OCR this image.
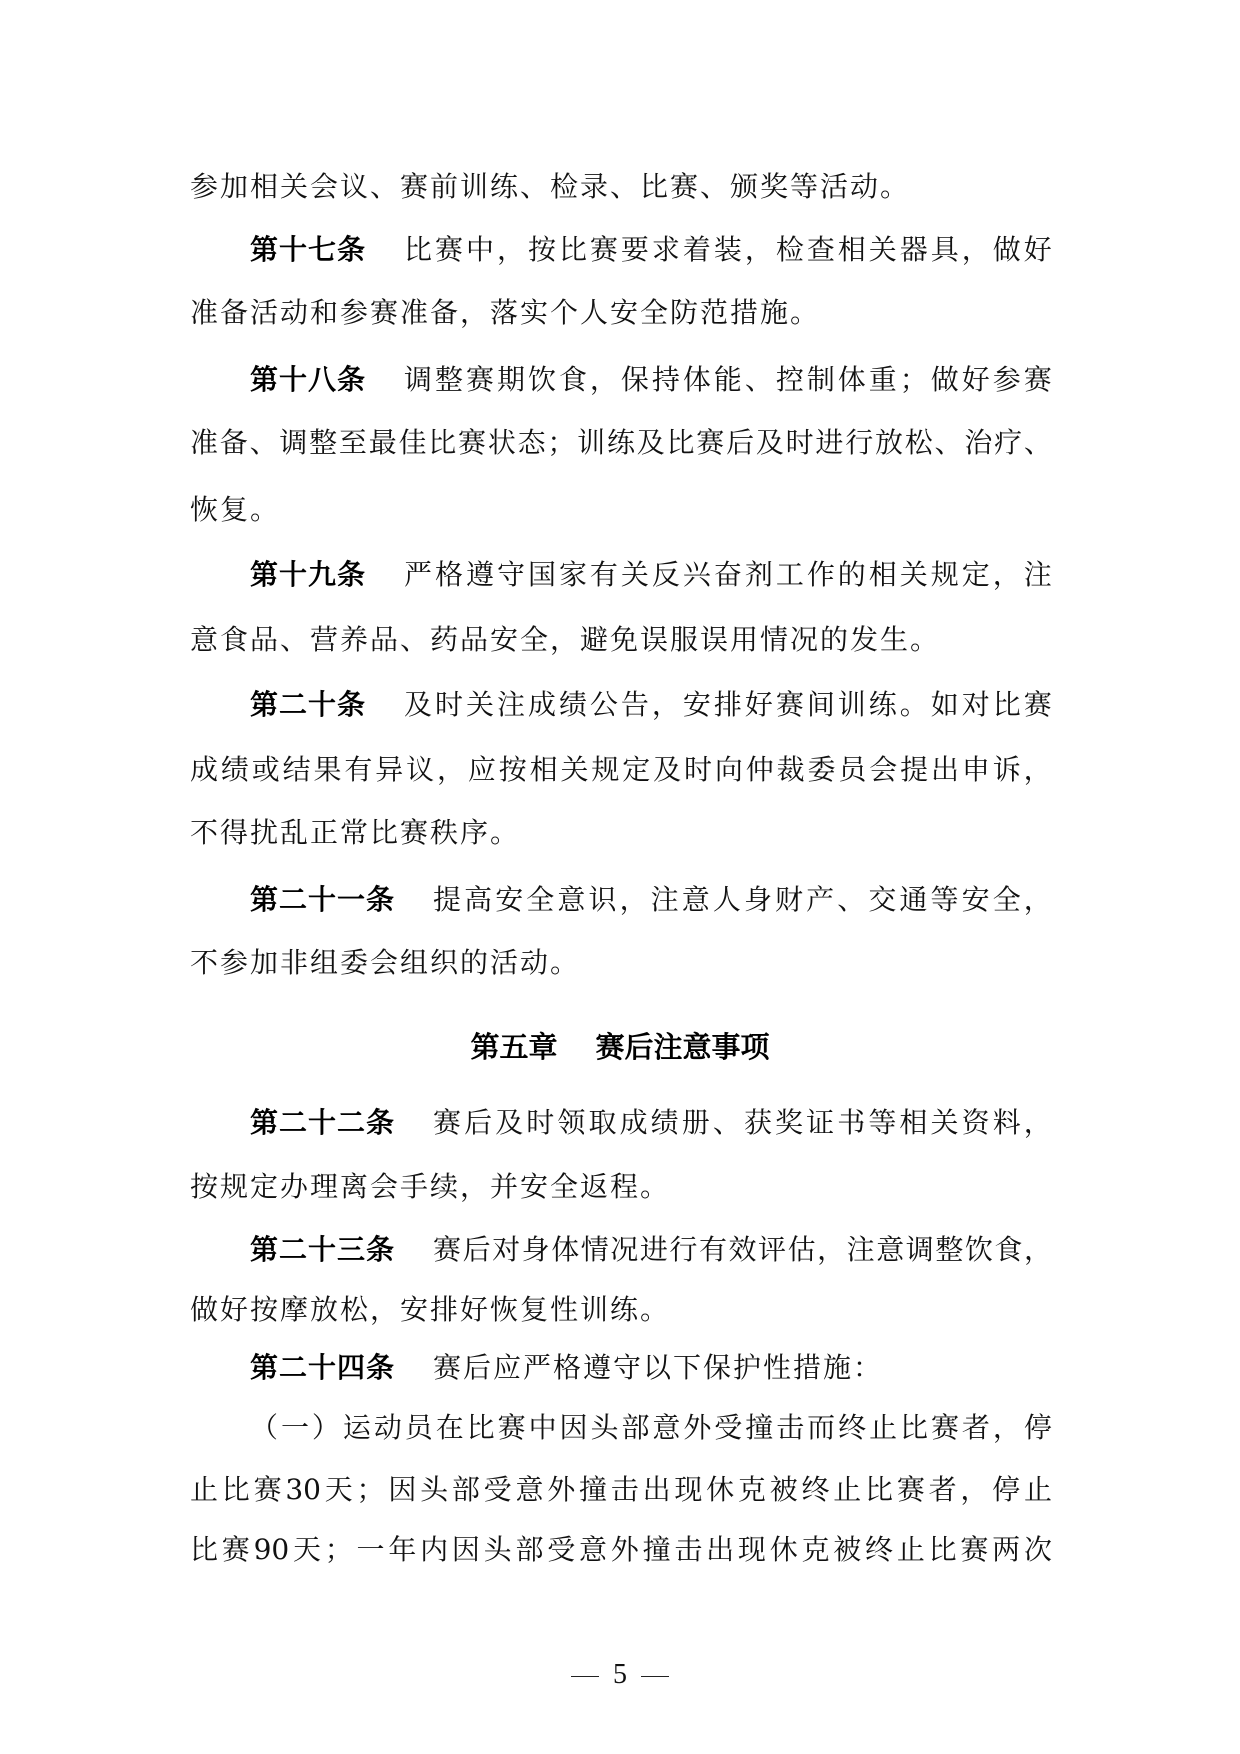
参加相关会议、赛前训练、检录、比赛、颁奖等活动。
第十七条 比 赛 中 ， 按 比 赛 要 求 着 装 ， 检 查 相 关 器 具 ， 做 好
准备活动和参赛准备，落实个人安全防范措施。
第十八条 调 整 赛 期 饮 食 ， 保 持 体 能 、 控 制 体 重 ； 做 好 参 赛
准 备 、 调 整 至 最 佳 比 赛 状 态 ； 训 练 及 比 赛 后 及 时 进 行 放 松 、 治 疗 、
恢复。
第十九条 严 格 遵 守 国 家 有 关 反 兴 奋 剂 工 作 的 相 关 规 定 ， 注
意食品、营养品、药品安全，避免误服误用情况的发生。
第二十条 及 时 关 注 成 绩 公 告 ， 安 排 好 赛 间 训 练 。 如 对 比 赛
成 绩 或 结 果 有 异 议 ， 应 按 相 关 规 定 及 时 向 仲 裁 委 员 会 提 出 申 诉 ，
不得扰乱正常比赛秩序。
第二十一条 提 高 安 全 意 识 ， 注 意 人 身 财 产 、 交 通 等 安 全 ，
不参加非组委会组织的活动。
第二十二条 赛 后 及 时 领 取 成 绩 册 、 获 奖 证 书 等 相 关 资 料 ，
按规定办理离会手续，并安全返程。
第二十三条 赛 后 对 身 体 情 况 进 行 有 效 评 估 ， 注 意 调 整 饮 食 ，
做好按摩放松，安排好恢复性训练。
第二十四条 赛后应严格遵守以下保护性措施：
（ 一 ） 运 动 员 在 比 赛 中 因 头 部 意 外 受 撞 击 而 终 止 比 赛 者 ， 停
止 比 赛 30 天 ； 因 头 部 受 意 外 撞 击 出 现 休 克 被 终 止 比 赛 者 ， 停 止
比 赛 90 天 ； 一 年 内 因 头 部 受 意 外 撞 击 出 现 休 克 被 终 止 比 赛 两 次
第五章 赛后注意事项
5
